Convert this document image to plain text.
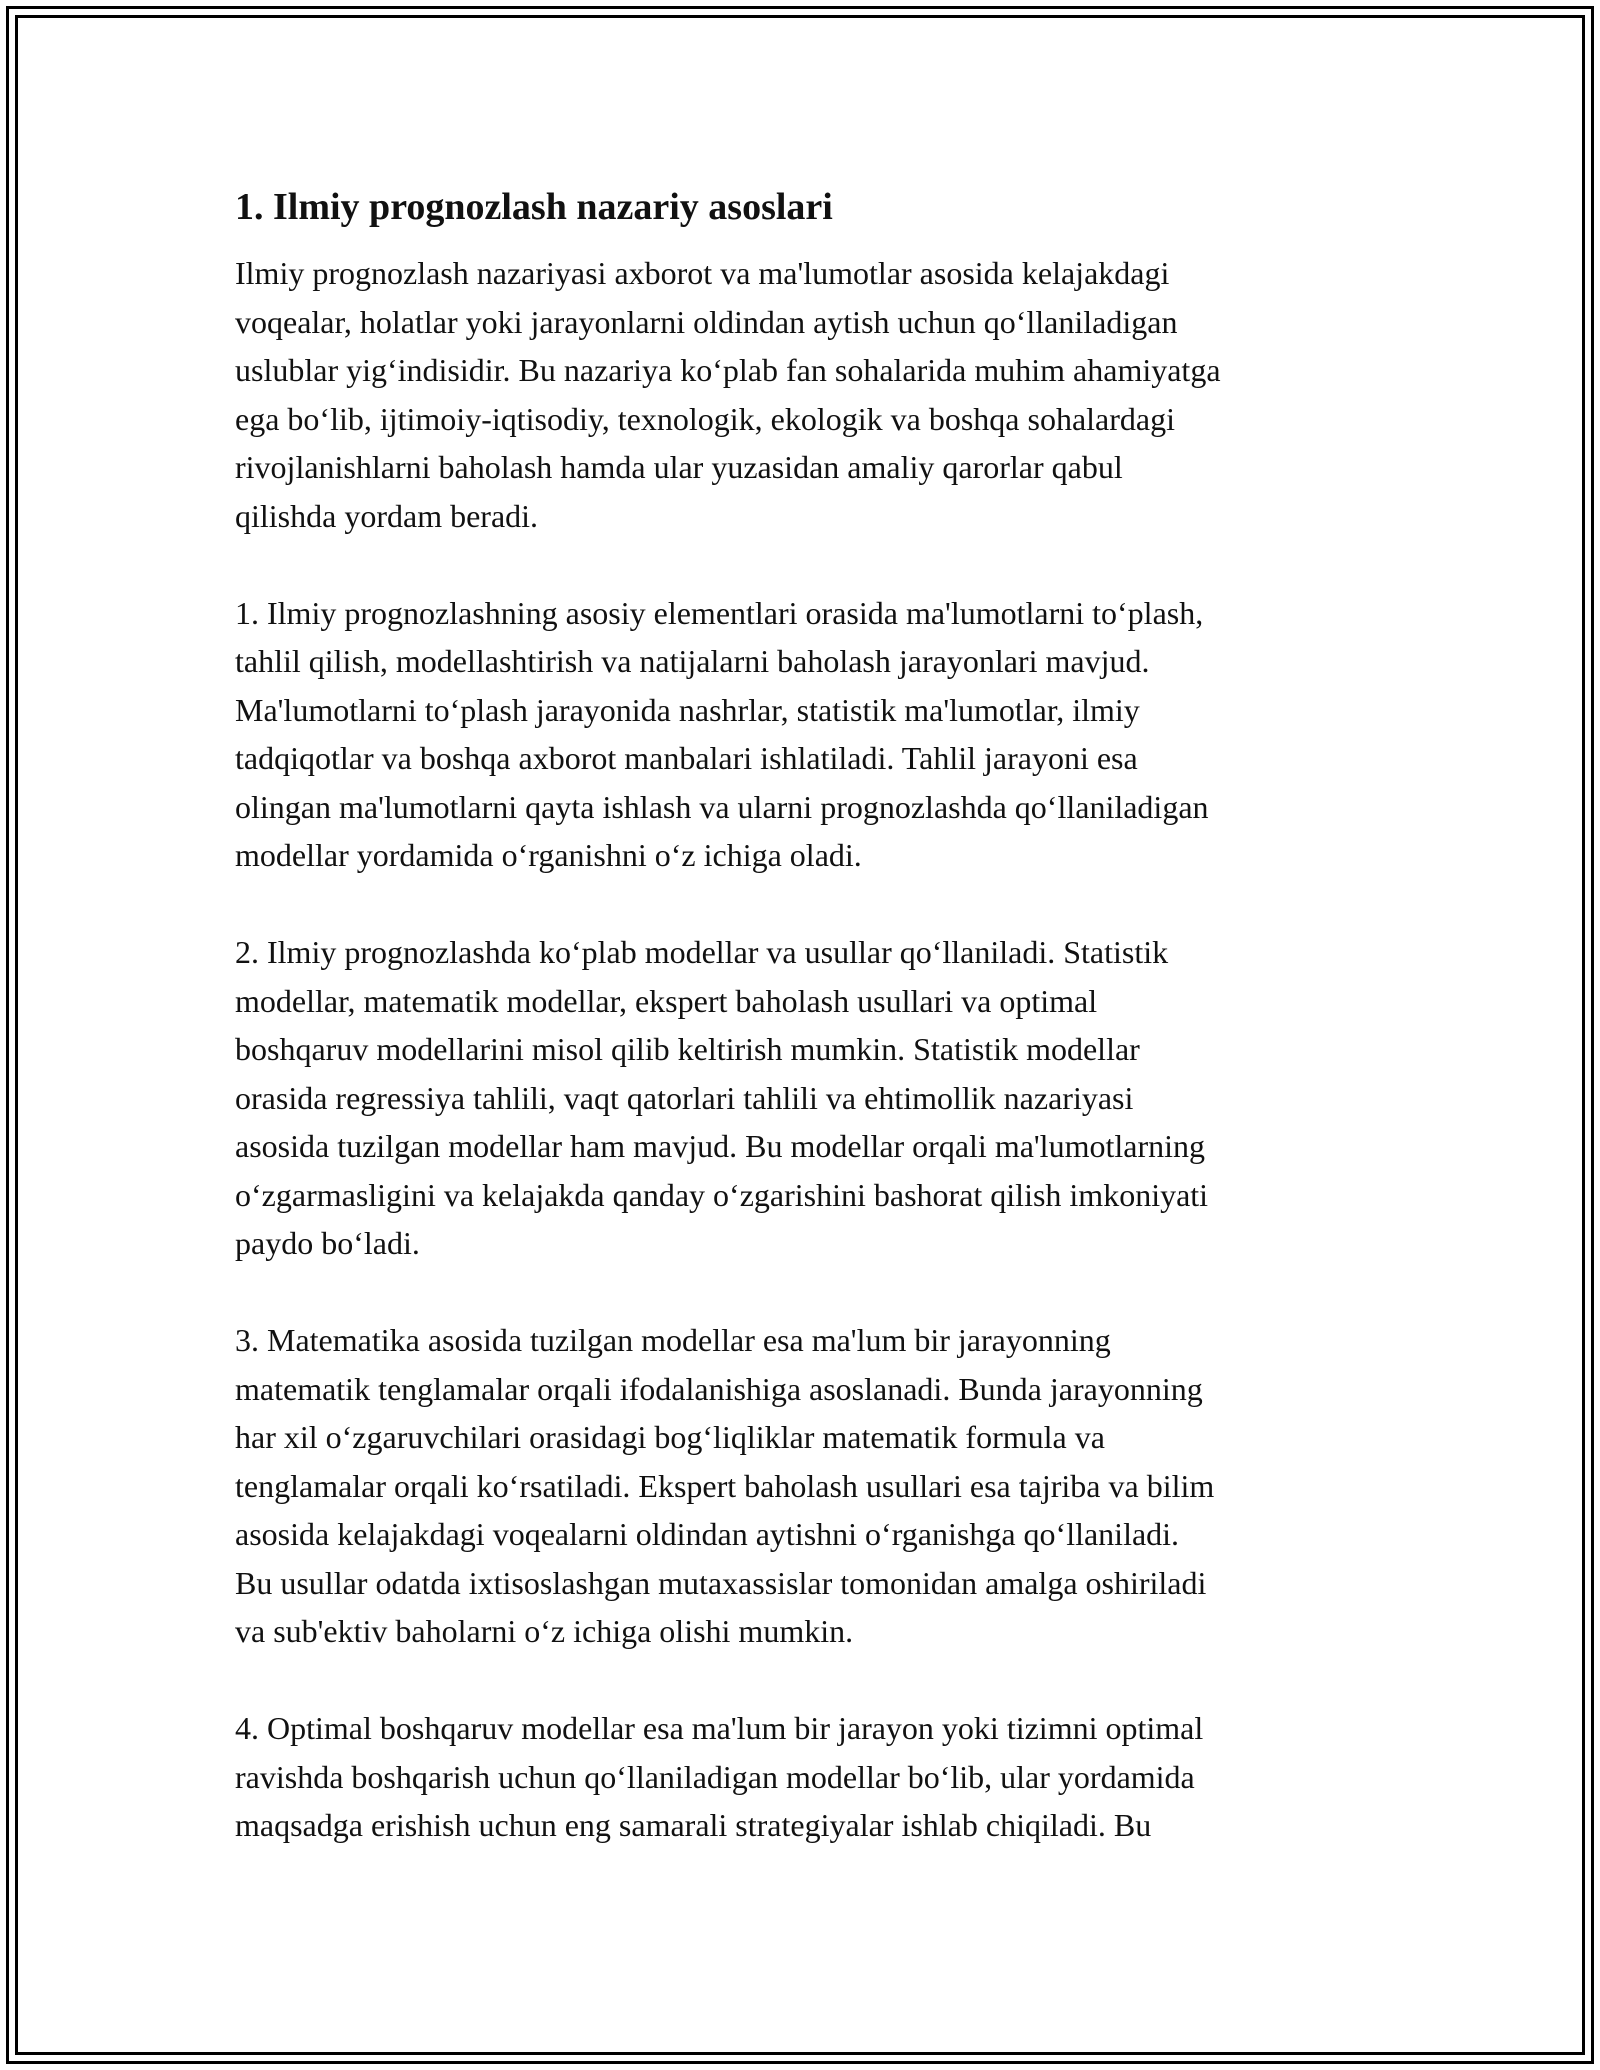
1. Ilmiy prognozlash nazariy asoslari

Ilmiy prognozlash nazariyasi axborot va ma'lumotlar asosida kelajakdagi
voqealar, holatlar yoki jarayonlarni oldindan aytish uchun qo‘llaniladigan
uslublar yig‘indisidir. Bu nazariya ko‘plab fan sohalarida muhim ahamiyatga
ega bo‘lib, ijtimoiy-iqtisodiy, texnologik, ekologik va boshqa sohalardagi
rivojlanishlarni baholash hamda ular yuzasidan amaliy qarorlar qabul
qilishda yordam beradi.

1. Ilmiy prognozlashning asosiy elementlari orasida ma'lumotlarni to‘plash,
tahlil qilish, modellashtirish va natijalarni baholash jarayonlari mavjud.
Ma'lumotlarni to‘plash jarayonida nashrlar, statistik ma'lumotlar, ilmiy
tadqiqotlar va boshqa axborot manbalari ishlatiladi. Tahlil jarayoni esa
olingan ma'lumotlarni qayta ishlash va ularni prognozlashda qo‘llaniladigan
modellar yordamida o‘rganishni o‘z ichiga oladi.

2. Ilmiy prognozlashda ko‘plab modellar va usullar qo‘llaniladi. Statistik
modellar, matematik modellar, ekspert baholash usullari va optimal
boshqaruv modellarini misol qilib keltirish mumkin. Statistik modellar
orasida regressiya tahlili, vaqt qatorlari tahlili va ehtimollik nazariyasi
asosida tuzilgan modellar ham mavjud. Bu modellar orqali ma'lumotlarning
o‘zgarmasligini va kelajakda qanday o‘zgarishini bashorat qilish imkoniyati
paydo bo‘ladi.

3. Matematika asosida tuzilgan modellar esa ma'lum bir jarayonning
matematik tenglamalar orqali ifodalanishiga asoslanadi. Bunda jarayonning
har xil o‘zgaruvchilari orasidagi bog‘liqliklar matematik formula va
tenglamalar orqali ko‘rsatiladi. Ekspert baholash usullari esa tajriba va bilim
asosida kelajakdagi voqealarni oldindan aytishni o‘rganishga qo‘llaniladi.
Bu usullar odatda ixtisoslashgan mutaxassislar tomonidan amalga oshiriladi
va sub'ektiv baholarni o‘z ichiga olishi mumkin.

4. Optimal boshqaruv modellar esa ma'lum bir jarayon yoki tizimni optimal
ravishda boshqarish uchun qo‘llaniladigan modellar bo‘lib, ular yordamida
maqsadga erishish uchun eng samarali strategiyalar ishlab chiqiladi. Bu
